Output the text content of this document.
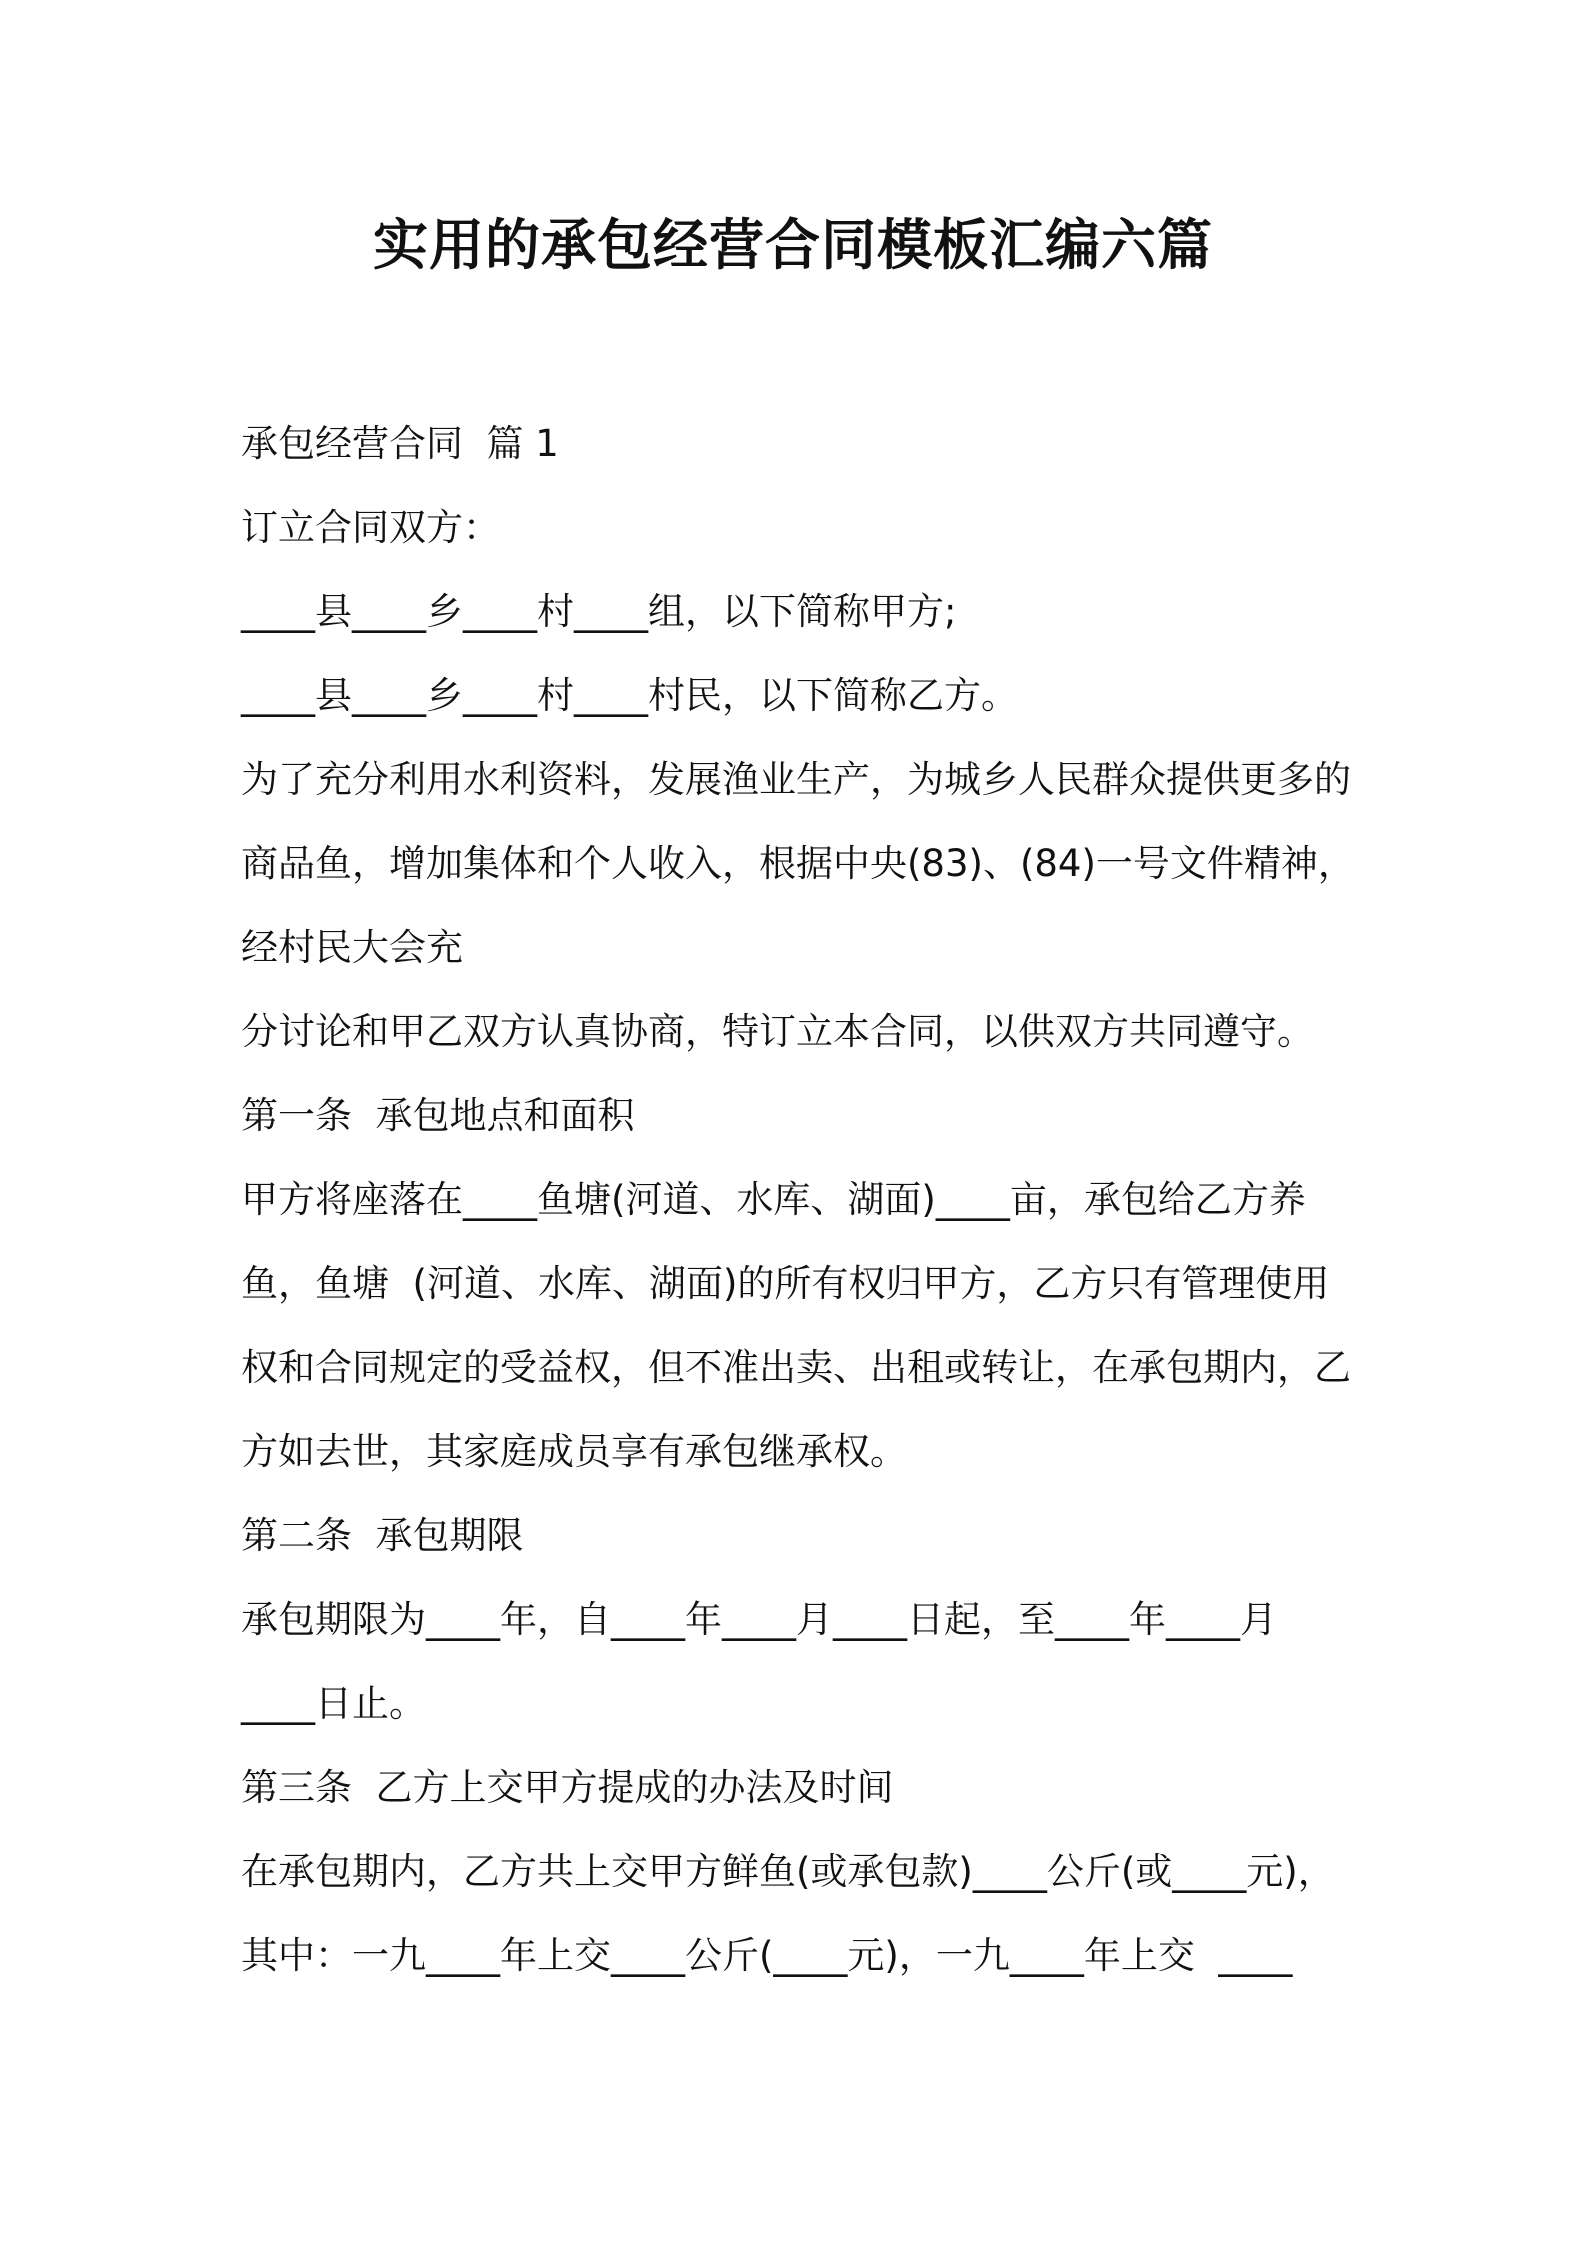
实用的承包经营合同模板汇编六篇

承包经营合同  篇 1

订立合同双方：

____县____乡____村____组，以下简称甲方;

____县____乡____村____村民，以下简称乙方。

为了充分利用水利资料，发展渔业生产，为城乡人民群众提供更多的

商品鱼，增加集体和个人收入，根据中央(83)、(84)一号文件精神，

经村民大会充

分讨论和甲乙双方认真协商，特订立本合同，以供双方共同遵守。

第一条  承包地点和面积

甲方将座落在____鱼塘(河道、水库、湖面)____亩，承包给乙方养

鱼，鱼塘  (河道、水库、湖面)的所有权归甲方，乙方只有管理使用

权和合同规定的受益权，但不准出卖、出租或转让，在承包期内，乙

方如去世，其家庭成员享有承包继承权。

第二条  承包期限

承包期限为____年，自____年____月____日起，至____年____月

____日止。

第三条  乙方上交甲方提成的办法及时间

在承包期内，乙方共上交甲方鲜鱼(或承包款)____公斤(或____元)，

其中：一九____年上交____公斤(____元)，一九____年上交  ____
